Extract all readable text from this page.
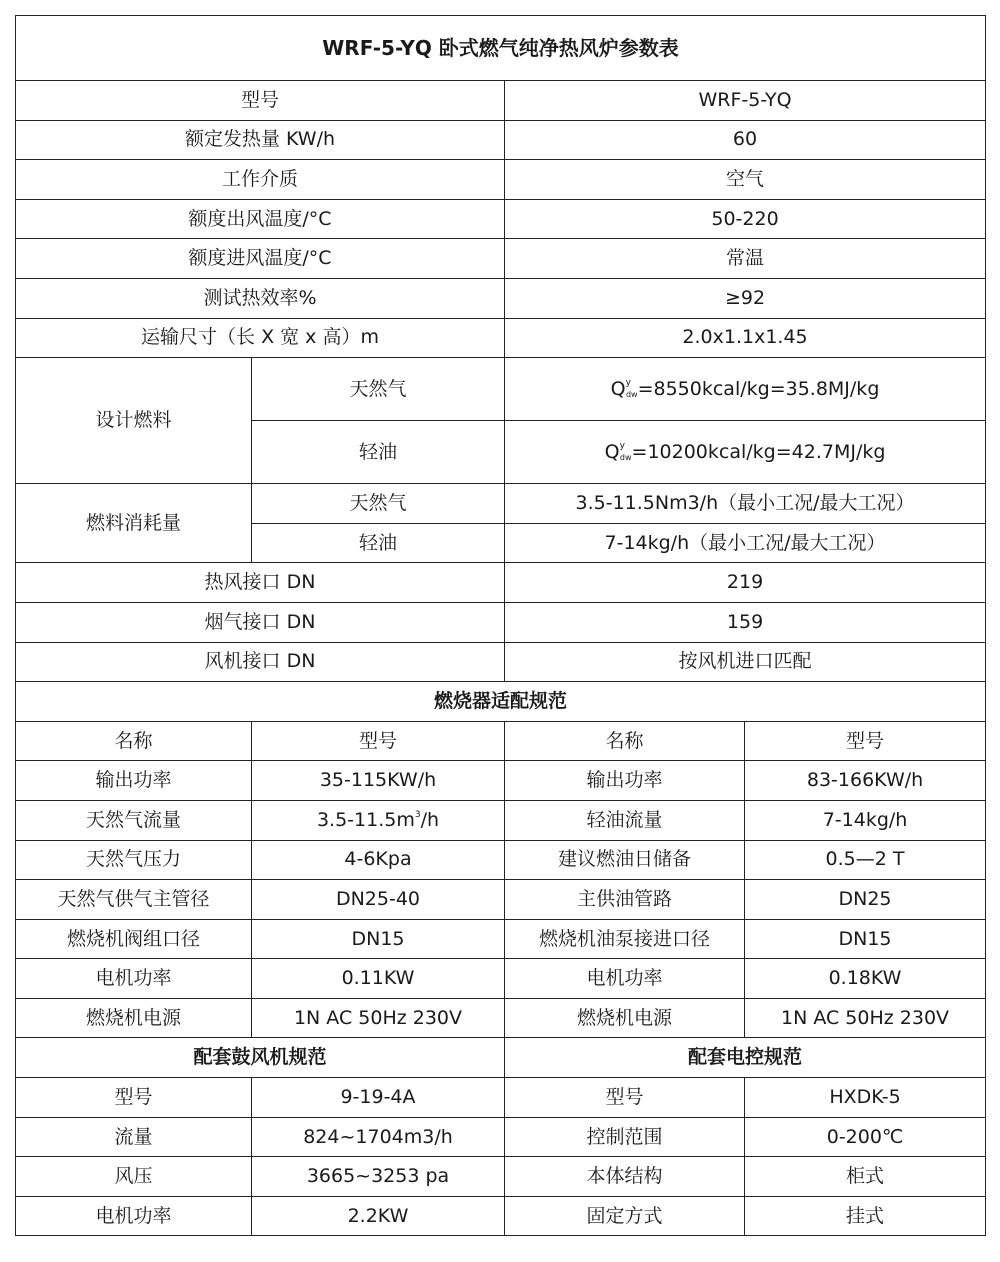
WRF-5-YQ 卧式燃气纯净热风炉参数表			
型号		WRF-5-YQ	
额定发热量 KW/h		60	
工作介质		空气	
额度出风温度/°C		50-220	
额度进风温度/°C		常温	
测试热效率%		≥92	
运输尺寸（长 X 宽 x 高）m		2.0x1.1x1.45	
设计燃料	天然气	$Q^y_{dw}=8550kcal/kg=35.8MJ/kg$	
	轻油	$Q^y_{dw}=10200kcal/kg=42.7MJ/kg$	
燃料消耗量	天然气	3.5-11.5Nm3/h（最小工况/最大工况）	
	轻油	7-14kg/h（最小工况/最大工况）	
热风接口 DN		219	
烟气接口 DN		159	
风机接口 DN		按风机进口匹配	
燃烧器适配规范			
名称	型号	名称	型号
输出功率	35-115KW/h	输出功率	83-166KW/h
天然气流量	$3.5-11.5m^3/h$	轻油流量	7-14kg/h
天然气压力	4-6Kpa	建议燃油日储备	0.5—2 T
天然气供气主管径	DN25-40	主供油管路	DN25
燃烧机阀组口径	DN15	燃烧机油泵接进口径	DN15
电机功率	0.11KW	电机功率	0.18KW
燃烧机电源	1N AC 50Hz 230V	燃烧机电源	1N AC 50Hz 230V
配套鼓风机规范		配套电控规范	
型号	9-19-4A	型号	HXDK-5
流量	824~1704m3/h	控制范围	0-200℃
风压	3665~3253 pa	本体结构	柜式
电机功率	2.2KW	固定方式	挂式
